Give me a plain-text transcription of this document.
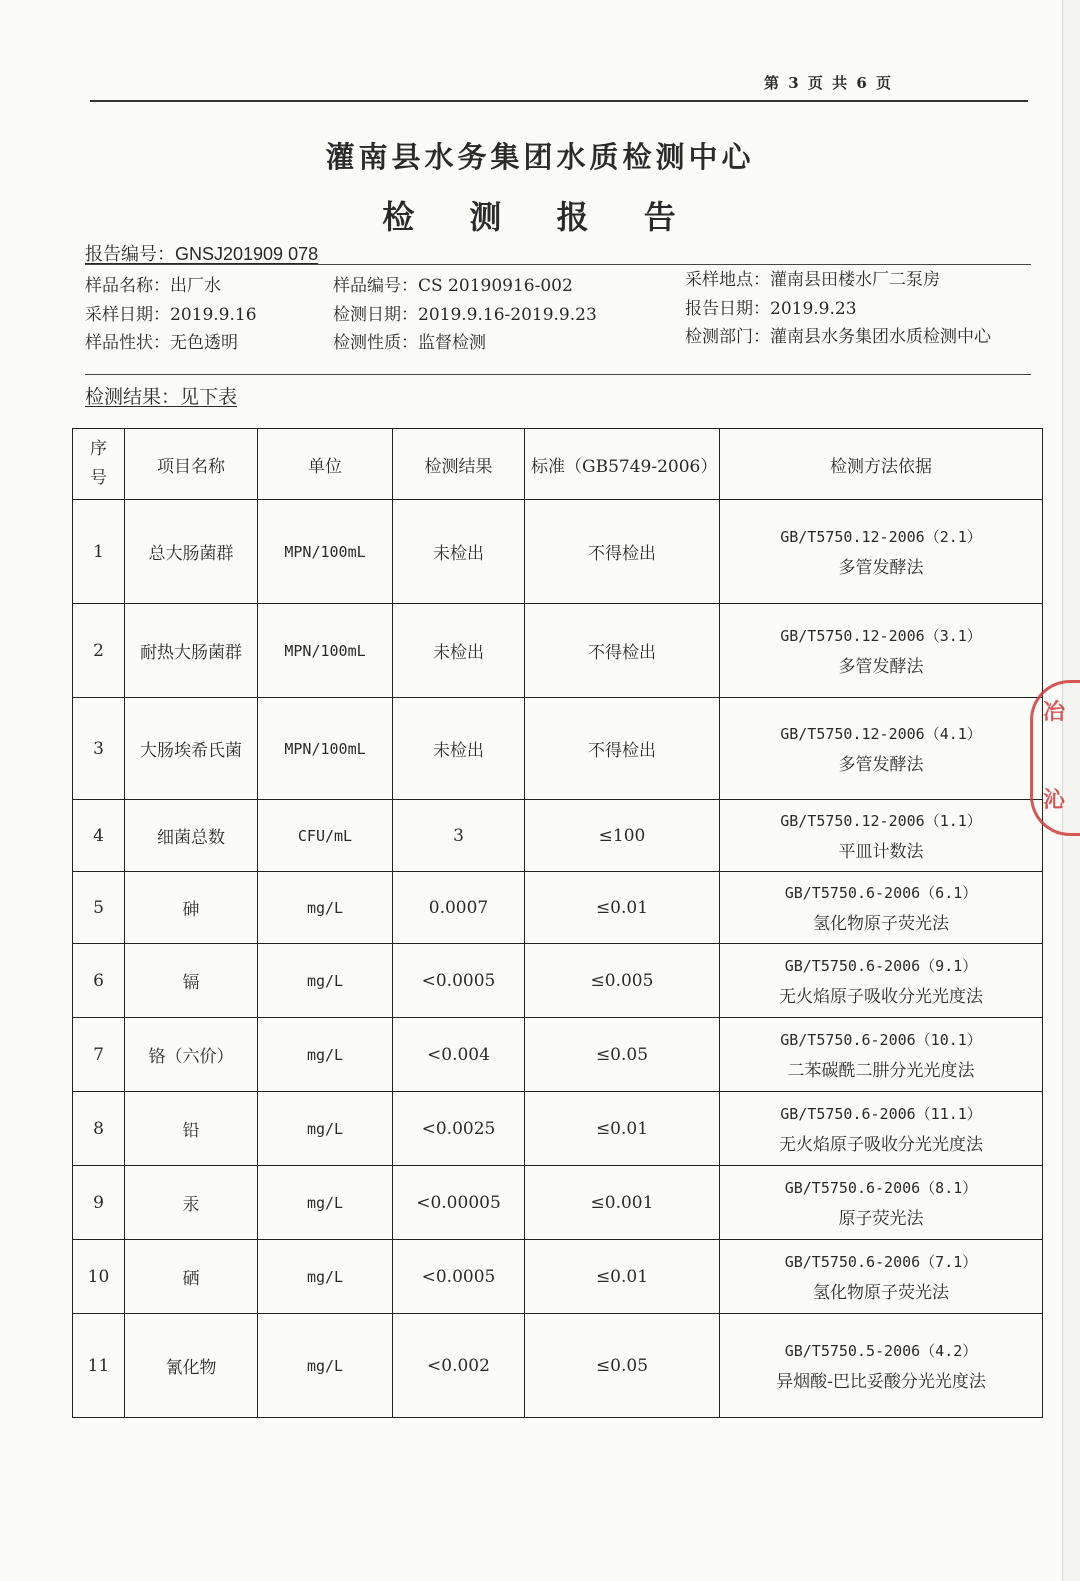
第 3 页 共 6 页
灌南县水务集团水质检测中心
检 测 报 告
报告编号：GNSJ201909 078
样品名称：出厂水
采样日期：2019.9.16
样品性状：无色透明
样品编号：CS 20190916-002
检测日期：2019.9.16-2019.9.23
检测性质：监督检测
采样地点：灌南县田楼水厂二泵房
报告日期：2019.9.23
检测部门：灌南县水务集团水质检测中心
检测结果：见下表
序号	项目名称	单位	检测结果	标准（GB5749-2006）	检测方法依据
1	总大肠菌群	MPN/100mL	未检出	不得检出	GB/T5750.12-2006（2.1）
多管发酵法

2	耐热大肠菌群	MPN/100mL	未检出	不得检出	GB/T5750.12-2006（3.1）
多管发酵法

3	大肠埃希氏菌	MPN/100mL	未检出	不得检出	GB/T5750.12-2006（4.1）
多管发酵法

4	细菌总数	CFU/mL	3	≤100	GB/T5750.12-2006（1.1）
平皿计数法

5	砷	mg/L	0.0007	≤0.01	GB/T5750.6-2006（6.1）
氢化物原子荧光法

6	镉	mg/L	<0.0005	≤0.005	GB/T5750.6-2006（9.1）
无火焰原子吸收分光光度法

7	铬（六价）	mg/L	<0.004	≤0.05	GB/T5750.6-2006（10.1）
二苯碳酰二肼分光光度法

8	铅	mg/L	<0.0025	≤0.01	GB/T5750.6-2006（11.1）
无火焰原子吸收分光光度法

9	汞	mg/L	<0.00005	≤0.001	GB/T5750.6-2006（8.1）
原子荧光法

10	硒	mg/L	<0.0005	≤0.01	GB/T5750.6-2006（7.1）
氢化物原子荧光法

11	氰化物	mg/L	<0.002	≤0.05	GB/T5750.5-2006（4.2）
异烟酸-巴比妥酸分光光度法
冶
沁
